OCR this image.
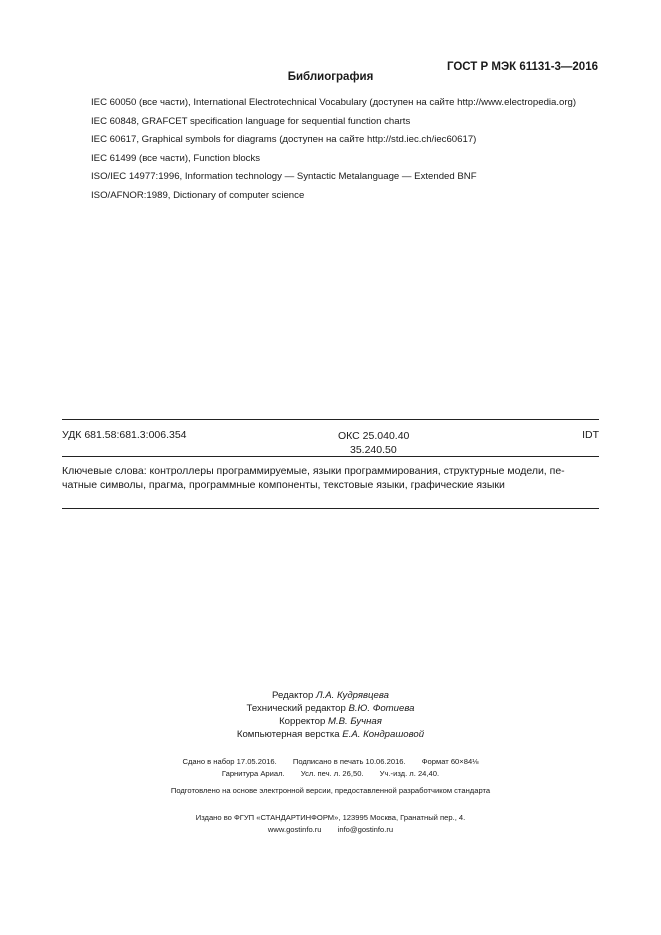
ГОСТ Р МЭК 61131-3—2016
Библиография
IEC 60050 (все части), International Electrotechnical Vocabulary (доступен на сайте http://www.electropedia.org)
IEC 60848, GRAFCET specification language for sequential function charts
IEC 60617, Graphical symbols for diagrams (доступен на сайте http://std.iec.ch/iec60617)
IEC 61499 (все части), Function blocks
ISO/IEC 14977:1996, Information technology — Syntactic Metalanguage — Extended BNF
ISO/AFNOR:1989, Dictionary of computer science
УДК 681.58:681.3:006.354	ОКС 25.040.40
35.240.50
IDT
Ключевые слова: контроллеры программируемые, языки программирования, структурные модели, пе-
чатные символы, прагма, программные компоненты, текстовые языки, графические языки
Редактор Л.А. Кудрявцева
Технический редактор В.Ю. Фотиева
Корректор М.В. Бучная
Компьютерная верстка Е.А. Кондрашовой
Сдано в набор 17.05.2016. Подписано в печать 10.06.2016. Формат 60×84⅛
Гарнитура Ариал. Усл. печ. л. 26,50. Уч.-изд. л. 24,40.
Подготовлено на основе электронной версии, предоставленной разработчиком стандарта
Издано во ФГУП «СТАНДАРТИНФОРМ», 123995 Москва, Гранатный пер., 4.
www.gostinfo.ru info@gostinfo.ru
